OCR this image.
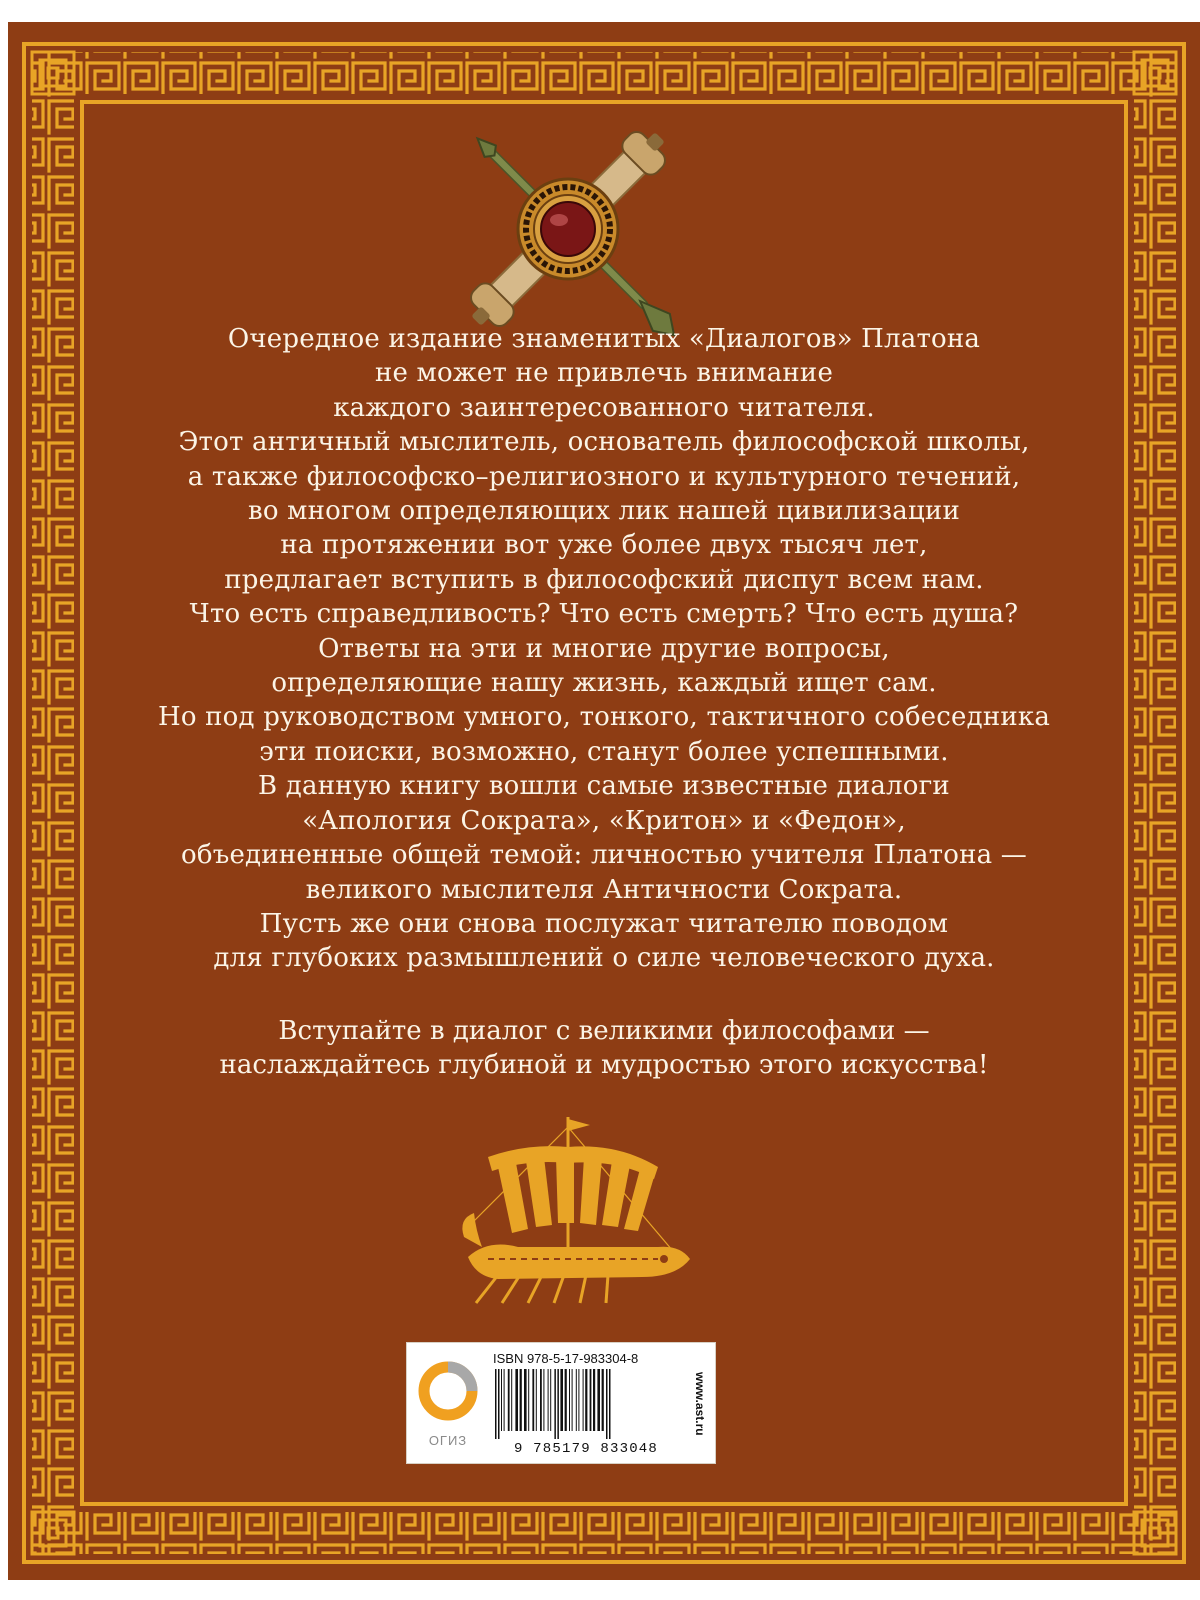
Очередное издание знаменитых «Диалогов» Платона

не может не привлечь внимание

каждого заинтересованного читателя.

Этот античный мыслитель, основатель философской школы,

а также философско–религиозного и культурного течений,

во многом определяющих лик нашей цивилизации

на протяжении вот уже более двух тысяч лет,

предлагает вступить в философский диспут всем нам.

Что есть справедливость? Что есть смерть? Что есть душа?

Ответы на эти и многие другие вопросы,

определяющие нашу жизнь, каждый ищет сам.

Но под руководством умного, тонкого, тактичного собеседника

эти поиски, возможно, станут более успешными.

В данную книгу вошли самые известные диалоги

«Апология Сократа», «Критон» и «Федон»,

объединенные общей темой: личностью учителя Платона —

великого мыслителя Античности Сократа.

Пусть же они снова послужат читателю поводом

для глубоких размышлений о силе человеческого духа.

Вступайте в диалог с великими философами —

наслаждайтесь глубиной и мудростью этого искусства!

ОГИЗ
ISBN 978-5-17-983304-8
9 785179 833048
www.ast.ru
